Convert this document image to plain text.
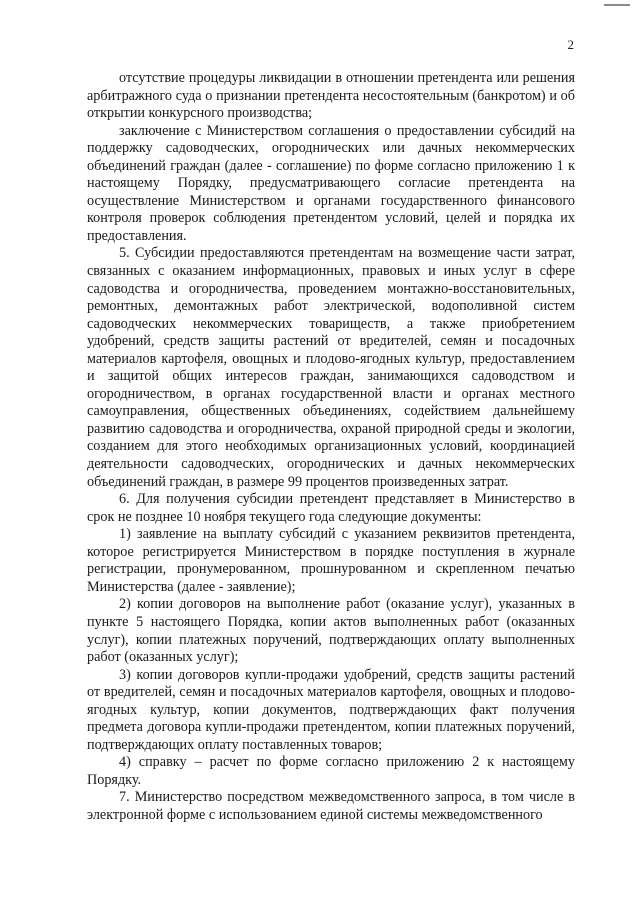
2

отсутствие процедуры ликвидации в отношении претендента или решения арбитражного суда о признании претендента несостоятельным (банкротом) и об открытии конкурсного производства;

заключение с Министерством соглашения о предоставлении субсидий на поддержку садоводческих, огороднических или дачных некоммерческих объединений граждан (далее - соглашение) по форме согласно приложению 1 к настоящему Порядку, предусматривающего согласие претендента на осуществление Министерством и органами государственного финансового контроля проверок соблюдения претендентом условий, целей и порядка их предоставления.

5. Субсидии предоставляются претендентам на возмещение части затрат, связанных с оказанием информационных, правовых и иных услуг в сфере садоводства и огородничества, проведением монтажно-восстановительных, ремонтных, демонтажных работ электрической, водополивной систем садоводческих некоммерческих товариществ, а также приобретением удобрений, средств защиты растений от вредителей, семян и посадочных материалов картофеля, овощных и плодово-ягодных культур, предоставлением и защитой общих интересов граждан, занимающихся садоводством и огородничеством, в органах государственной власти и органах местного самоуправления, общественных объединениях, содействием дальнейшему развитию садоводства и огородничества, охраной природной среды и экологии, созданием для этого необходимых организационных условий, координацией деятельности садоводческих, огороднических и дачных некоммерческих объединений граждан, в размере 99 процентов произведенных затрат.

6. Для получения субсидии претендент представляет в Министерство в срок не позднее 10 ноября текущего года следующие документы:

1) заявление на выплату субсидий с указанием реквизитов претендента, которое регистрируется Министерством в порядке поступления в журнале регистрации, пронумерованном, прошнурованном и скрепленном печатью Министерства (далее - заявление);

2) копии договоров на выполнение работ (оказание услуг), указанных в пункте 5 настоящего Порядка, копии актов выполненных работ (оказанных услуг), копии платежных поручений, подтверждающих оплату выполненных работ (оказанных услуг);

3) копии договоров купли-продажи удобрений, средств защиты растений от вредителей, семян и посадочных материалов картофеля, овощных и плодово-ягодных культур, копии документов, подтверждающих факт получения предмета договора купли-продажи претендентом, копии платежных поручений, подтверждающих оплату поставленных товаров;

4) справку – расчет по форме согласно приложению 2 к настоящему Порядку.

7. Министерство посредством межведомственного запроса, в том числе в электронной форме с использованием единой системы межведомственного
